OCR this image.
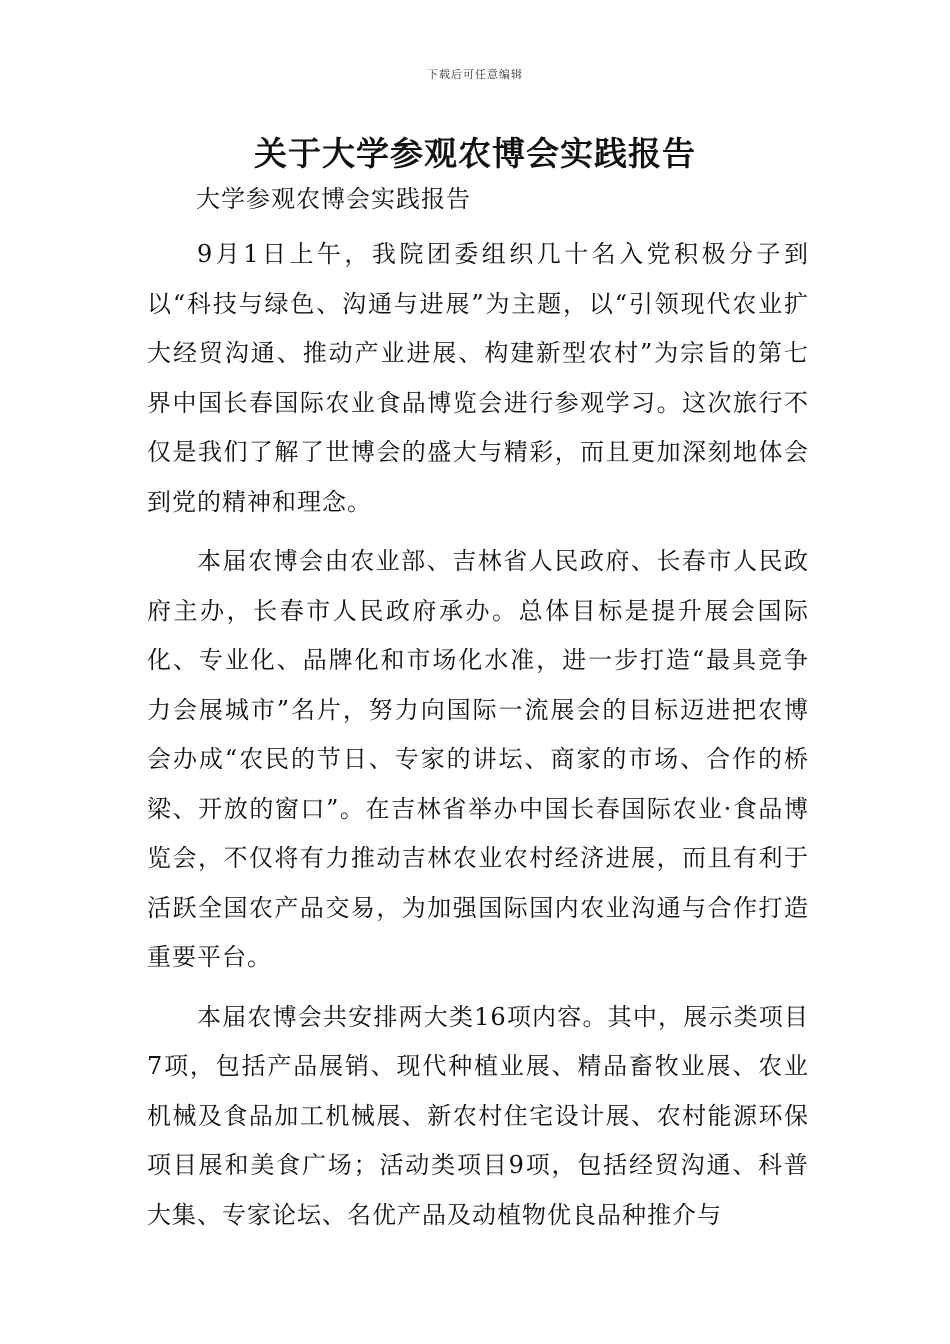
下载后可任意编辑
关于大学参观农博会实践报告

大学参观农博会实践报告

9月1日上午，我院团委组织几十名入党积极分子到以“科技与绿色、沟通与进展”为主题，以“引领现代农业扩大经贸沟通、推动产业进展、构建新型农村”为宗旨的第七界中国长春国际农业食品博览会进行参观学习。这次旅行不仅是我们了解了世博会的盛大与精彩，而且更加深刻地体会到党的精神和理念。

本届农博会由农业部、吉林省人民政府、长春市人民政府主办，长春市人民政府承办。总体目标是提升展会国际化、专业化、品牌化和市场化水准，进一步打造“最具竞争力会展城市”名片，努力向国际一流展会的目标迈进把农博会办成“农民的节日、专家的讲坛、商家的市场、合作的桥梁、开放的窗口”。在吉林省举办中国长春国际农业·食品博览会，不仅将有力推动吉林农业农村经济进展，而且有利于活跃全国农产品交易，为加强国际国内农业沟通与合作打造重要平台。

本届农博会共安排两大类16项内容。其中，展示类项目7项，包括产品展销、现代种植业展、精品畜牧业展、农业机械及食品加工机械展、新农村住宅设计展、农村能源环保项目展和美食广场；活动类项目9项，包括经贸沟通、科普大集、专家论坛、名优产品及动植物优良品种推介与
